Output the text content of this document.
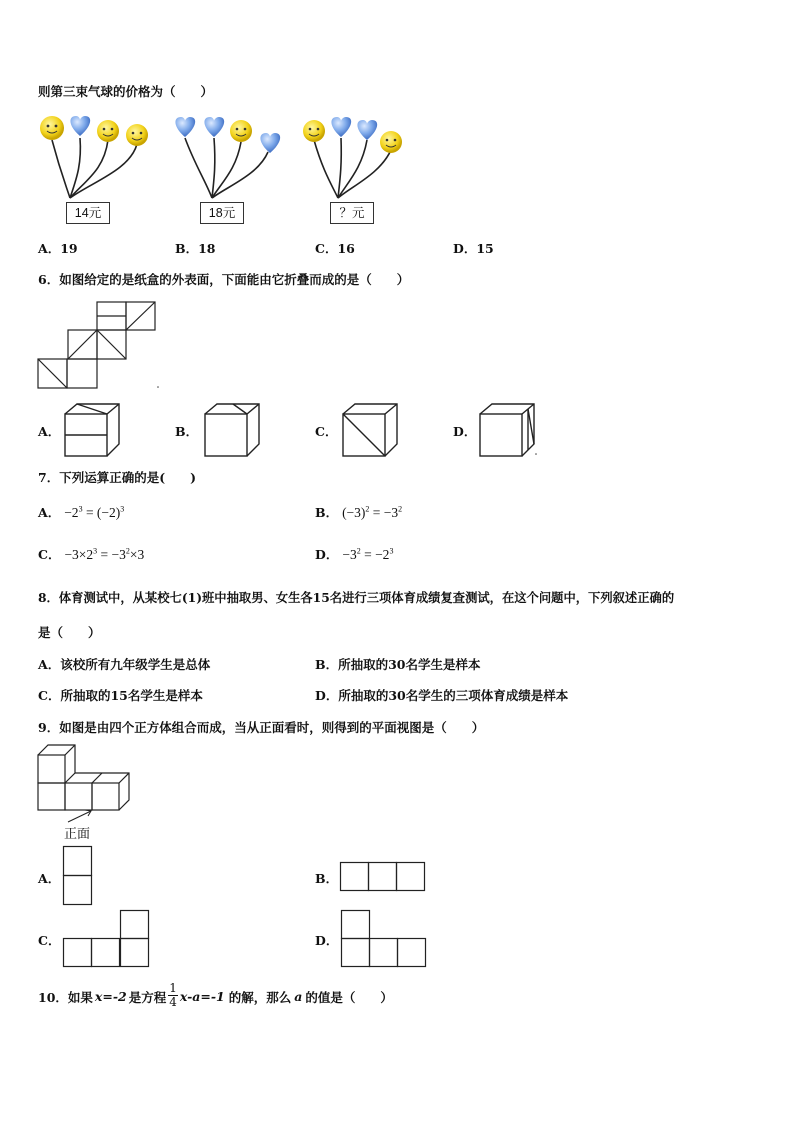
则第三束气球的价格为（　　）
14元	18元	？元
A．19	B．18	C．16	D．15
6．如图给定的是纸盒的外表面，下面能由它折叠而成的是（　　）
A．	B．	C．	D．
7．下列运算正确的是(　　)
A． $-2^3 = (-2)^3$	B． $(-3)^2 = -3^2$
C． $-3\times 2^3 = -3^2\times 3$	D． $-3^2 = -2^3$
8．体育测试中，从某校七(1)班中抽取男、女生各15名进行三项体育成绩复查测试，在这个问题中，下列叙述正确的
是（　　）
A．该校所有九年级学生是总体	B．所抽取的30名学生是样本
C．所抽取的15名学生是样本	D．所抽取的30名学生的三项体育成绩是样本
9．如图是由四个正方体组合而成，当从正面看时，则得到的平面视图是（　　）
正面
A．	B．
C．	D．
10．如果 x=-2 是方程 $\frac{1}{4} x-a=-1$ 的解，那么 a 的值是（　　）
